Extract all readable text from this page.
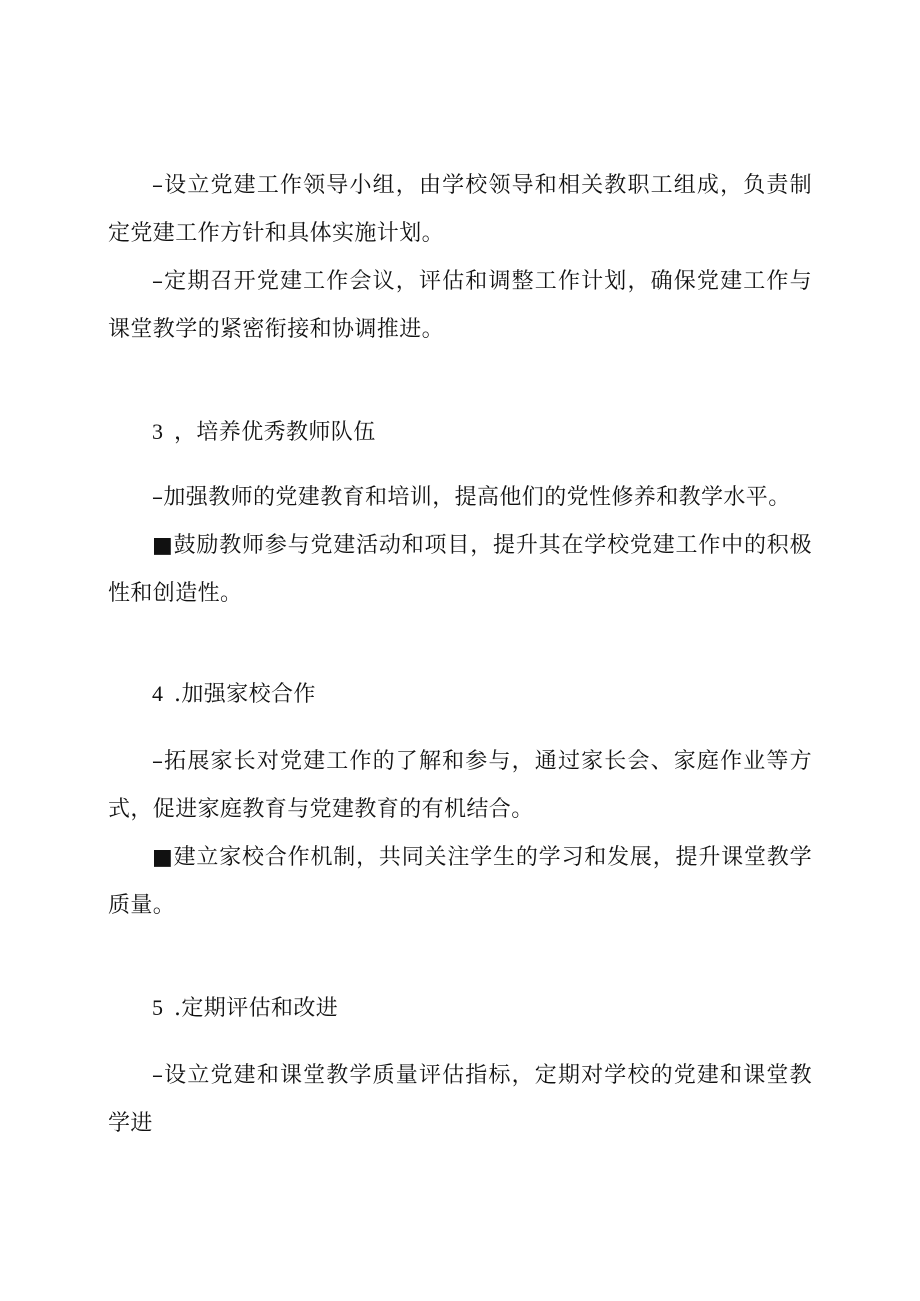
–设立党建工作领导小组，由学校领导和相关教职工组成，负责制定党建工作方针和具体实施计划。

–定期召开党建工作会议，评估和调整工作计划，确保党建工作与课堂教学的紧密衔接和协调推进。

3 ，培养优秀教师队伍

–加强教师的党建教育和培训，提高他们的党性修养和教学水平。

■鼓励教师参与党建活动和项目，提升其在学校党建工作中的积极性和创造性。

4 .加强家校合作

–拓展家长对党建工作的了解和参与，通过家长会、家庭作业等方式，促进家庭教育与党建教育的有机结合。

■建立家校合作机制，共同关注学生的学习和发展，提升课堂教学质量。

5 .定期评估和改进

–设立党建和课堂教学质量评估指标，定期对学校的党建和课堂教学进
